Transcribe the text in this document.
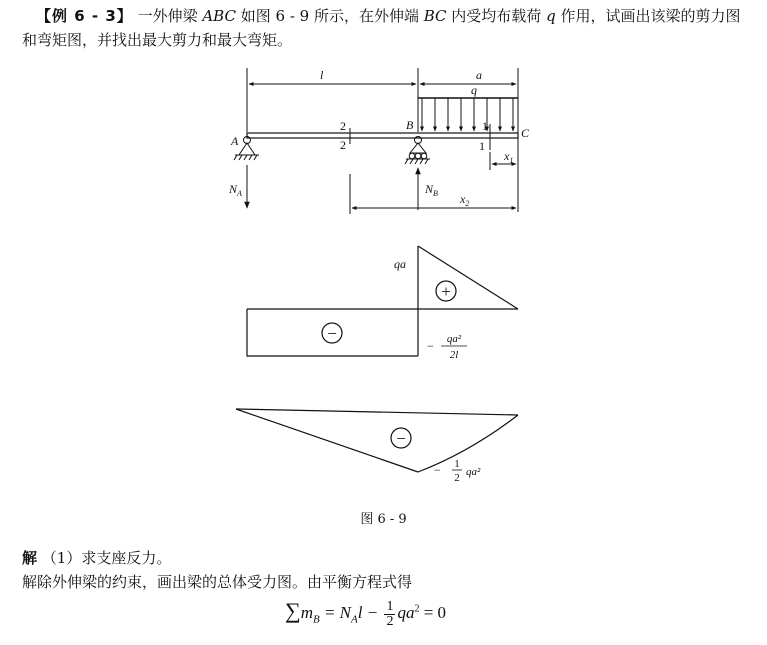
【例 6 - 3】 一外伸梁 ABC 如图 6 - 9 所示，在外伸端 BC 内受均布载荷 q 作用，试画出该梁的剪力图和弯矩图，并找出最大剪力和最大弯矩。
l	a
q
A
B
C
2
2
1
1
$N_A$	$N_B$
$x_1$
$x_2$
+
−
qa
− qa²
2l
−
− 1
2 qa²
图 6 - 9
解 （1）求支座反力。
解除外伸梁的约束，画出梁的总体受力图。由平衡方程式得
$\sum m_B = N_Al - \frac{1}{2} qa^2 = 0$
